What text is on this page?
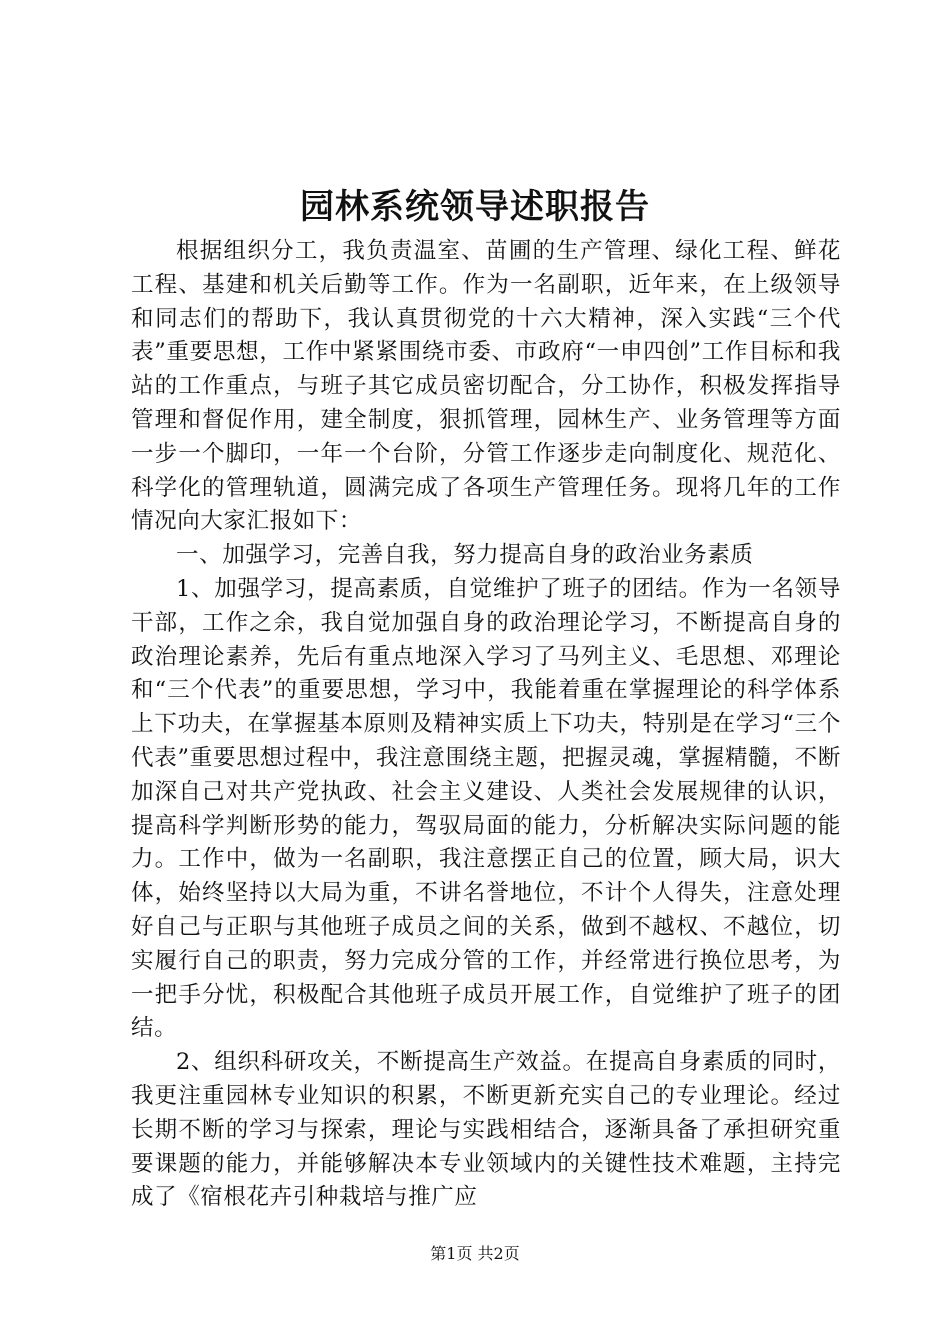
园林系统领导述职报告

根据组织分工，我负责温室、苗圃的生产管理、绿化工程、鲜花工程、基建和机关后勤等工作。作为一名副职，近年来，在上级领导和同志们的帮助下，我认真贯彻党的十六大精神，深入实践“三个代表”重要思想，工作中紧紧围绕市委、市政府“一申四创”工作目标和我站的工作重点，与班子其它成员密切配合，分工协作，积极发挥指导管理和督促作用，建全制度，狠抓管理，园林生产、业务管理等方面一步一个脚印，一年一个台阶，分管工作逐步走向制度化、规范化、科学化的管理轨道，圆满完成了各项生产管理任务。现将几年的工作情况向大家汇报如下：

一、加强学习，完善自我，努力提高自身的政治业务素质

1、加强学习，提高素质，自觉维护了班子的团结。作为一名领导干部，工作之余，我自觉加强自身的政治理论学习，不断提高自身的政治理论素养，先后有重点地深入学习了马列主义、毛思想、邓理论和“三个代表”的重要思想，学习中，我能着重在掌握理论的科学体系上下功夫，在掌握基本原则及精神实质上下功夫，特别是在学习“三个代表”重要思想过程中，我注意围绕主题，把握灵魂，掌握精髓，不断加深自己对共产党执政、社会主义建设、人类社会发展规律的认识，提高科学判断形势的能力，驾驭局面的能力，分析解决实际问题的能力。工作中，做为一名副职，我注意摆正自己的位置，顾大局，识大体，始终坚持以大局为重，不讲名誉地位，不计个人得失，注意处理好自己与正职与其他班子成员之间的关系，做到不越权、不越位，切实履行自己的职责，努力完成分管的工作，并经常进行换位思考，为一把手分忧，积极配合其他班子成员开展工作，自觉维护了班子的团结。

2、组织科研攻关，不断提高生产效益。在提高自身素质的同时，我更注重园林专业知识的积累，不断更新充实自己的专业理论。经过长期不断的学习与探索，理论与实践相结合，逐渐具备了承担研究重要课题的能力，并能够解决本专业领域内的关键性技术难题，主持完成了《宿根花卉引种栽培与推广应

第1页 共2页
